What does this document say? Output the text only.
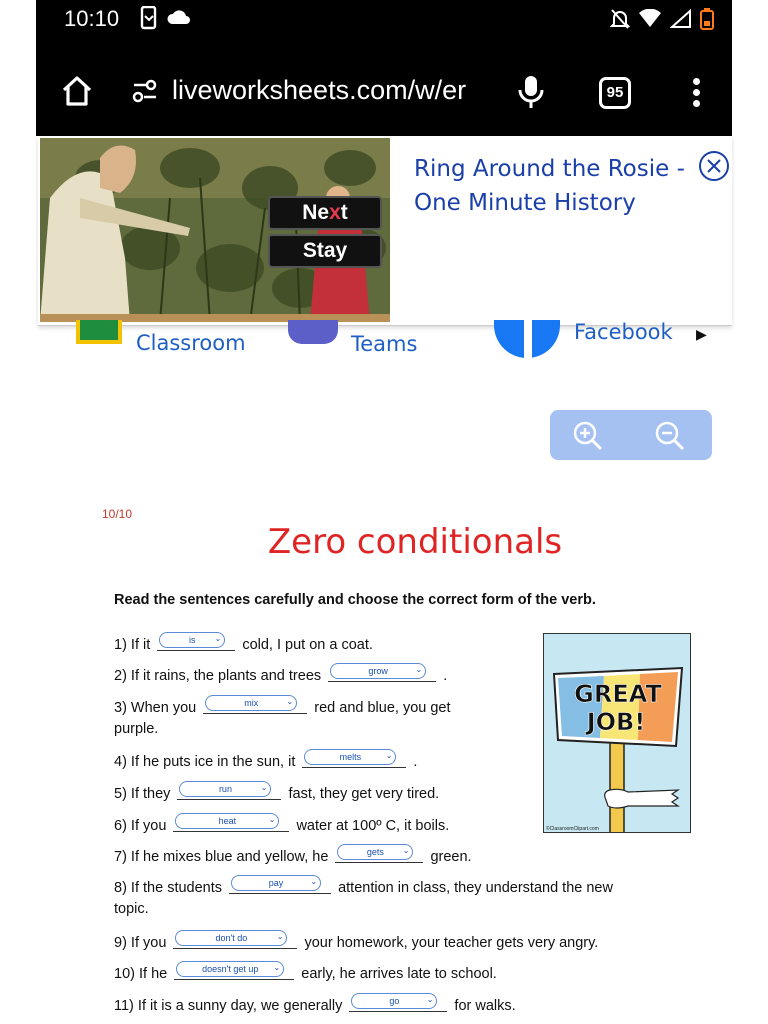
10:10
liveworksheets.com/w/er	95
Next
Stay
Ring Around the Rosie - One Minute History
Classroom	Teams	Facebook ▶
10/10
Zero conditionals
Read the sentences carefully and choose the correct form of the verb.
1) If it	is ⌄ cold, I put on a coat.
2) If it rains, the plants and trees	grow	⌄ .
3) When you	mix	⌄ red and blue, you get
purple.
4) If he puts ice in the sun, it	melts	⌄ .
5) If they	run	⌄ fast, they get very tired.
6) If you	heat	⌄ water at 100º C, it boils.
7) If he mixes blue and yellow, he	gets ⌄ green.
8) If the students	pay	⌄ attention in class, they understand the new
topic.
9) If you	don't do	⌄ your homework, your teacher gets very angry.
10) If he	doesn't get up ⌄ early, he arrives late to school.
11) If it is a sunny day, we generally	go	⌄ for walks.
GREAT
JOB!
©ClassroomClipart.com
